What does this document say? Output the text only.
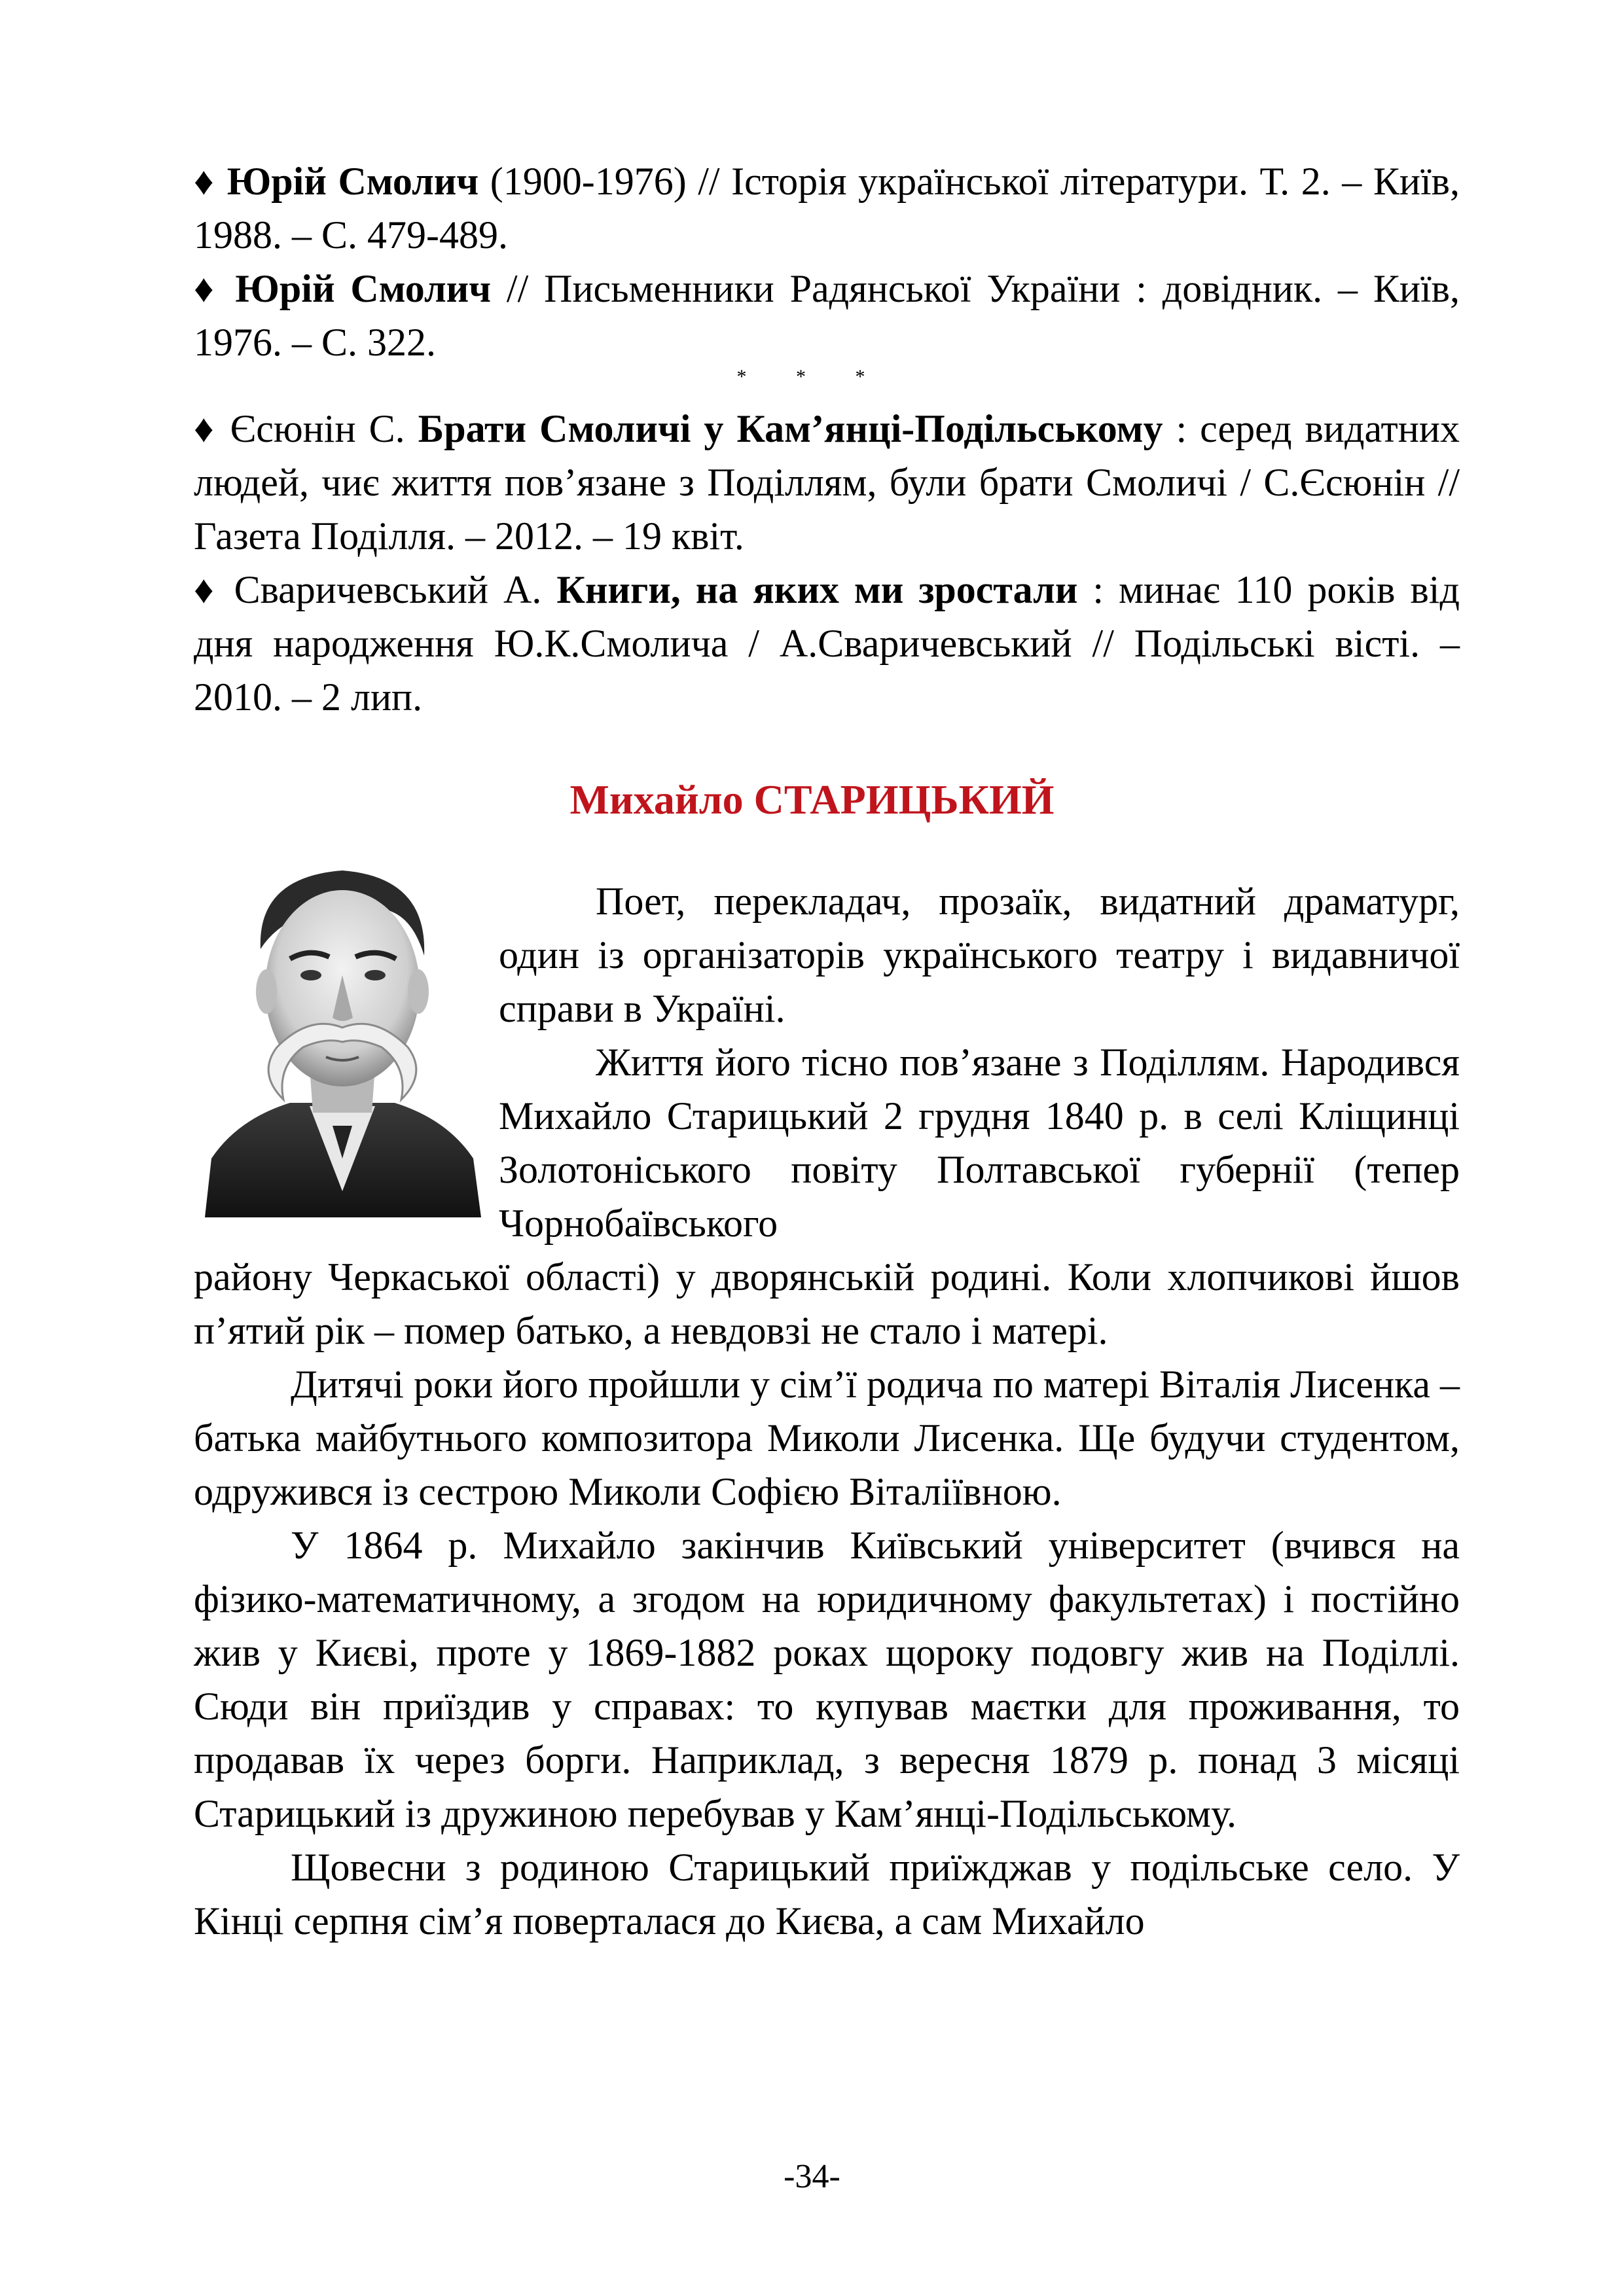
♦ Юрій Смолич (1900-1976) // Історія української літератури. Т. 2. – Київ, 1988. – С. 479-489.

♦ Юрій Смолич // Письменники Радянської України : довідник. – Київ, 1976. – С. 322.

* * *

♦ Єсюнін С. Брати Смоличі у Кам’янці-Подільському : серед видатних людей, чиє життя пов’язане з Поділлям, були брати Смоличі / С.Єсюнін // Газета Поділля. – 2012. – 19 квіт.

♦ Сваричевський А. Книги, на яких ми зростали : минає 110 років від дня народження Ю.К.Смолича / А.Сваричевський // Подільські вісті. – 2010. – 2 лип.

Михайло СТАРИЦЬКИЙ

Поет, перекладач, прозаїк, видатний драматург, один із організаторів українського театру і видавничої справи в Україні.

Життя його тісно пов’язане з Поділлям. Народився Михайло Старицький 2 грудня 1840 р. в селі Кліщинці Золотоніського повіту Полтавської губернії (тепер Чорнобаївського

району Черкаської області) у дворянській родині. Коли хлопчикові йшов п’ятий рік – помер батько, а невдовзі не стало і матері.

Дитячі роки його пройшли у сім’ї родича по матері Віталія Лисенка – батька майбутнього композитора Миколи Лисенка. Ще будучи студентом, одружився із сестрою Миколи Софією Віталіївною.

У 1864 р. Михайло закінчив Київський університет (вчився на фізико-математичному, а згодом на юридичному факультетах) і постійно жив у Києві, проте у 1869-1882 роках щороку подовгу жив на Поділлі. Сюди він приїздив у справах: то купував маєтки для проживання, то продавав їх через борги. Наприклад, з вересня 1879 р. понад 3 місяці Старицький із дружиною перебував у Кам’янці-Подільському.

Щовесни з родиною Старицький приїжджав у подільське село. У Кінці серпня сім’я поверталася до Києва, а сам Михайло

-34-
